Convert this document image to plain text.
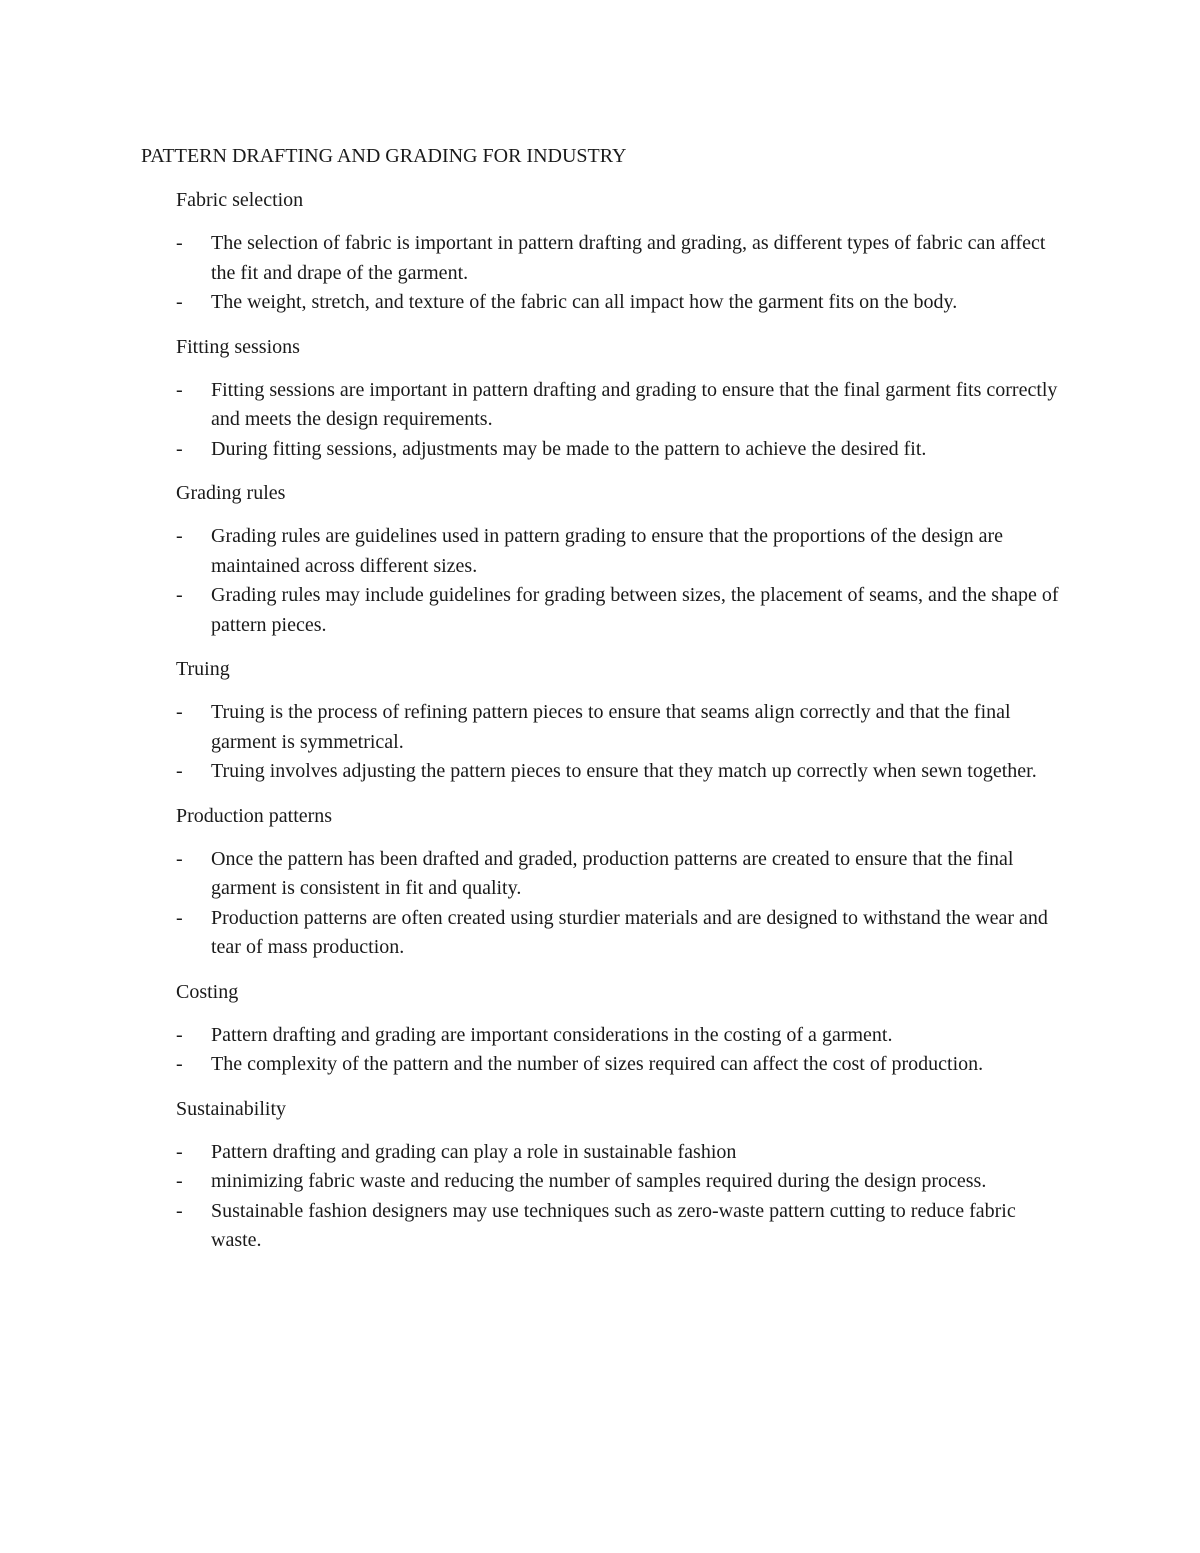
PATTERN DRAFTING AND GRADING FOR INDUSTRY
Fabric selection
- The selection of fabric is important in pattern drafting and grading, as different types of fabric can affect the fit and drape of the garment.
- The weight, stretch, and texture of the fabric can all impact how the garment fits on the body.
Fitting sessions
- Fitting sessions are important in pattern drafting and grading to ensure that the final garment fits correctly and meets the design requirements.
- During fitting sessions, adjustments may be made to the pattern to achieve the desired fit.
Grading rules
- Grading rules are guidelines used in pattern grading to ensure that the proportions of the design are maintained across different sizes.
- Grading rules may include guidelines for grading between sizes, the placement of seams, and the shape of pattern pieces.
Truing
- Truing is the process of refining pattern pieces to ensure that seams align correctly and that the final garment is symmetrical.
- Truing involves adjusting the pattern pieces to ensure that they match up correctly when sewn together.
Production patterns
- Once the pattern has been drafted and graded, production patterns are created to ensure that the final garment is consistent in fit and quality.
- Production patterns are often created using sturdier materials and are designed to withstand the wear and tear of mass production.
Costing
- Pattern drafting and grading are important considerations in the costing of a garment.
- The complexity of the pattern and the number of sizes required can affect the cost of production.
Sustainability
- Pattern drafting and grading can play a role in sustainable fashion
- minimizing fabric waste and reducing the number of samples required during the design process.
- Sustainable fashion designers may use techniques such as zero-waste pattern cutting to reduce fabric waste.
